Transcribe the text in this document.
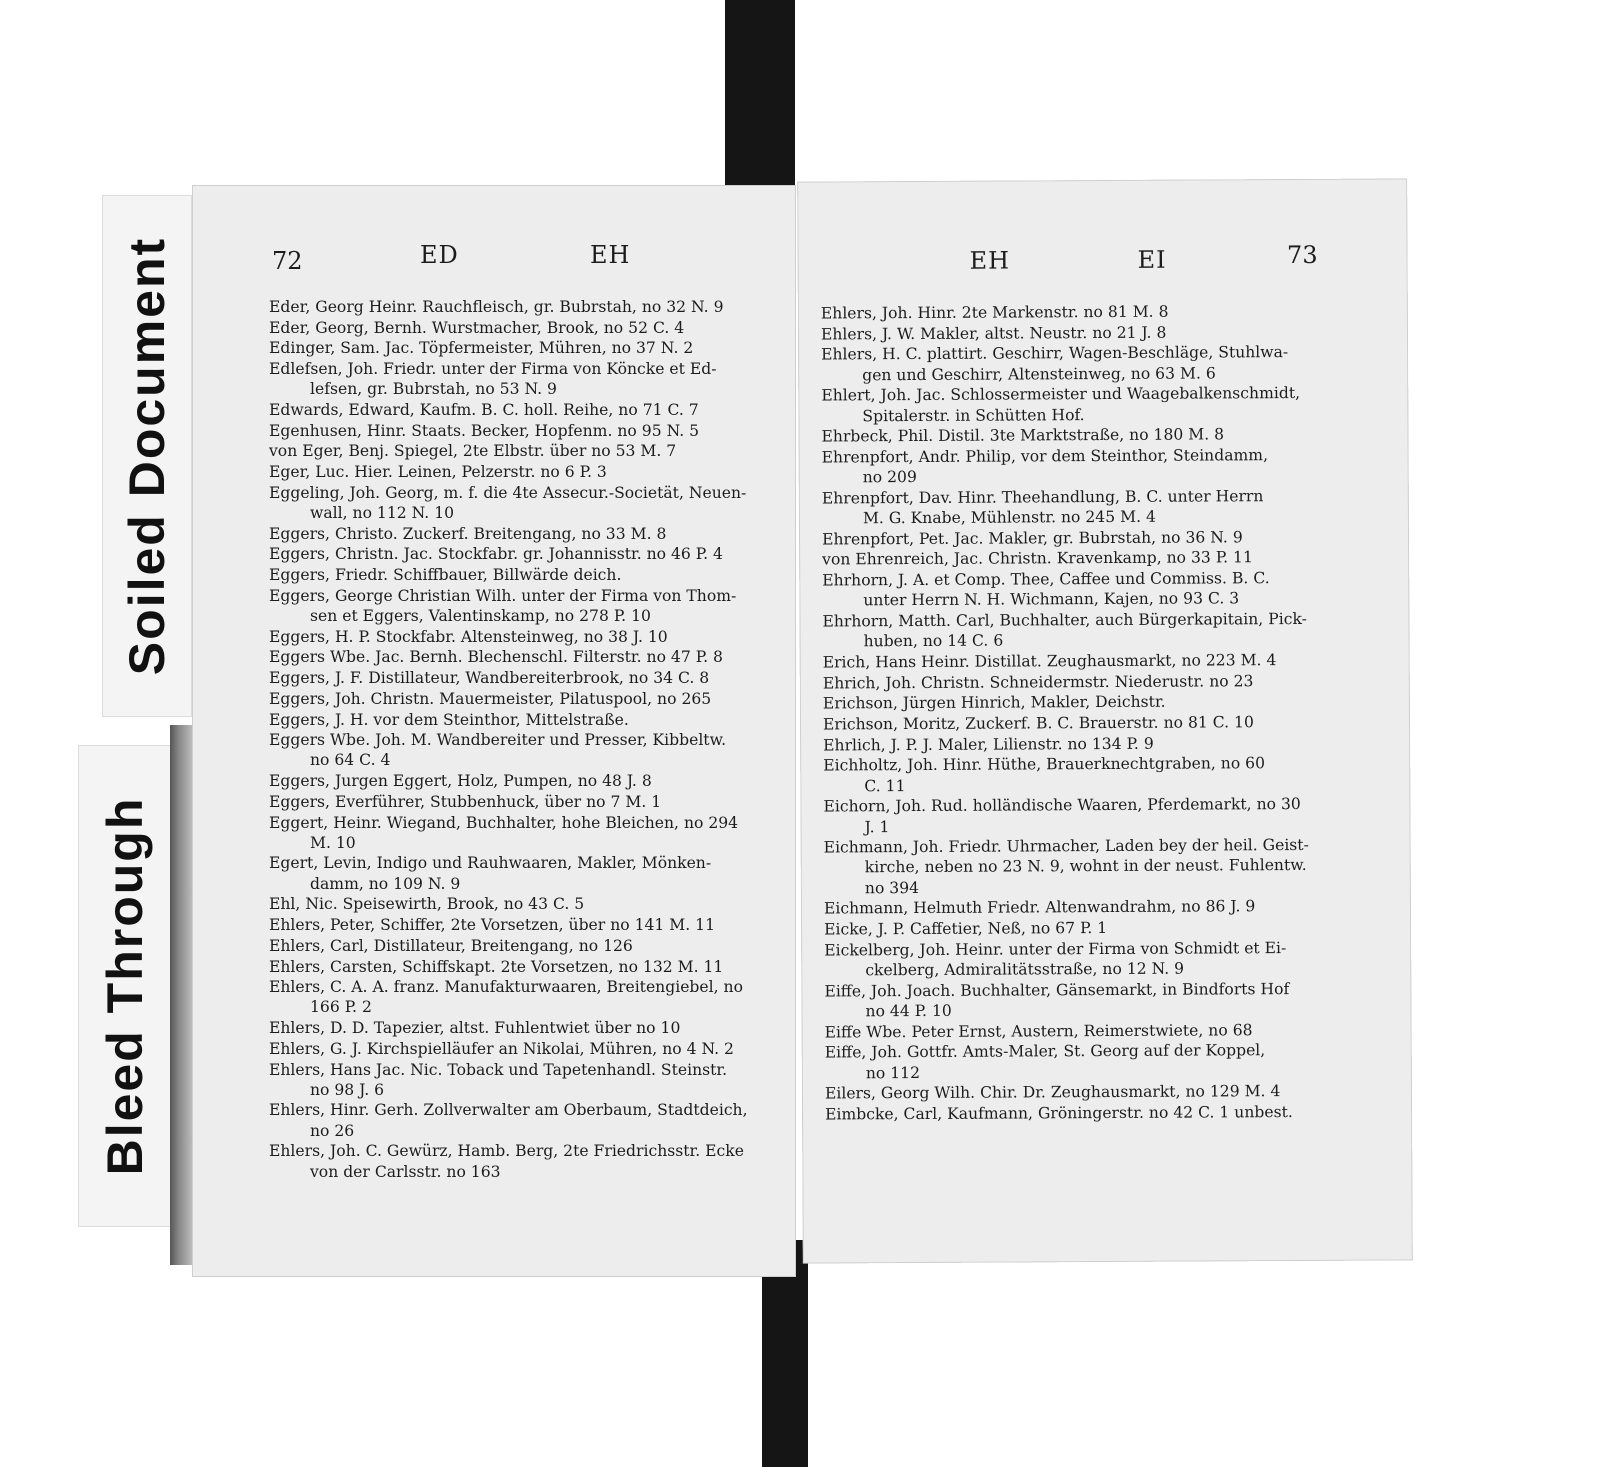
Soiled Document
Bleed Through
72	ED	EH
Eder, Georg Heinr. Rauchfleisch, gr. Bubrstah, no 32 N. 9
Eder, Georg, Bernh. Wurstmacher, Brook, no 52 C. 4
Edinger, Sam. Jac. Töpfermeister, Mühren, no 37 N. 2
Edlefsen, Joh. Friedr. unter der Firma von Köncke et Ed-
lefsen, gr. Bubrstah, no 53 N. 9
Edwards, Edward, Kaufm. B. C. holl. Reihe, no 71 C. 7
Egenhusen, Hinr. Staats. Becker, Hopfenm. no 95 N. 5
von Eger, Benj. Spiegel, 2te Elbstr. über no 53 M. 7
Eger, Luc. Hier. Leinen, Pelzerstr. no 6 P. 3
Eggeling, Joh. Georg, m. f. die 4te Assecur.-Societät, Neuen-
wall, no 112 N. 10
Eggers, Christo. Zuckerf. Breitengang, no 33 M. 8
Eggers, Christn. Jac. Stockfabr. gr. Johannisstr. no 46 P. 4
Eggers, Friedr. Schiffbauer, Billwärde deich.
Eggers, George Christian Wilh. unter der Firma von Thom-
sen et Eggers, Valentinskamp, no 278 P. 10
Eggers, H. P. Stockfabr. Altensteinweg, no 38 J. 10
Eggers Wbe. Jac. Bernh. Blechenschl. Filterstr. no 47 P. 8
Eggers, J. F. Distillateur, Wandbereiterbrook, no 34 C. 8
Eggers, Joh. Christn. Mauermeister, Pilatuspool, no 265
Eggers, J. H. vor dem Steinthor, Mittelstraße.
Eggers Wbe. Joh. M. Wandbereiter und Presser, Kibbeltw.
no 64 C. 4
Eggers, Jurgen Eggert, Holz, Pumpen, no 48 J. 8
Eggers, Everführer, Stubbenhuck, über no 7 M. 1
Eggert, Heinr. Wiegand, Buchhalter, hohe Bleichen, no 294
M. 10
Egert, Levin, Indigo und Rauhwaaren, Makler, Mönken-
damm, no 109 N. 9
Ehl, Nic. Speisewirth, Brook, no 43 C. 5
Ehlers, Peter, Schiffer, 2te Vorsetzen, über no 141 M. 11
Ehlers, Carl, Distillateur, Breitengang, no 126
Ehlers, Carsten, Schiffskapt. 2te Vorsetzen, no 132 M. 11
Ehlers, C. A. A. franz. Manufakturwaaren, Breitengiebel, no
166 P. 2
Ehlers, D. D. Tapezier, altst. Fuhlentwiet über no 10
Ehlers, G. J. Kirchspielläufer an Nikolai, Mühren, no 4 N. 2
Ehlers, Hans Jac. Nic. Toback und Tapetenhandl. Steinstr.
no 98 J. 6
Ehlers, Hinr. Gerh. Zollverwalter am Oberbaum, Stadtdeich,
no 26
Ehlers, Joh. C. Gewürz, Hamb. Berg, 2te Friedrichsstr. Ecke
von der Carlsstr. no 163
EH	EI	73
Ehlers, Joh. Hinr. 2te Markenstr. no 81 M. 8
Ehlers, J. W. Makler, altst. Neustr. no 21 J. 8
Ehlers, H. C. plattirt. Geschirr, Wagen-Beschläge, Stuhlwa-
gen und Geschirr, Altensteinweg, no 63 M. 6
Ehlert, Joh. Jac. Schlossermeister und Waagebalkenschmidt,
Spitalerstr. in Schütten Hof.
Ehrbeck, Phil. Distil. 3te Marktstraße, no 180 M. 8
Ehrenpfort, Andr. Philip, vor dem Steinthor, Steindamm,
no 209
Ehrenpfort, Dav. Hinr. Theehandlung, B. C. unter Herrn
M. G. Knabe, Mühlenstr. no 245 M. 4
Ehrenpfort, Pet. Jac. Makler, gr. Bubrstah, no 36 N. 9
von Ehrenreich, Jac. Christn. Kravenkamp, no 33 P. 11
Ehrhorn, J. A. et Comp. Thee, Caffee und Commiss. B. C.
unter Herrn N. H. Wichmann, Kajen, no 93 C. 3
Ehrhorn, Matth. Carl, Buchhalter, auch Bürgerkapitain, Pick-
huben, no 14 C. 6
Erich, Hans Heinr. Distillat. Zeughausmarkt, no 223 M. 4
Ehrich, Joh. Christn. Schneidermstr. Niederustr. no 23
Erichson, Jürgen Hinrich, Makler, Deichstr.
Erichson, Moritz, Zuckerf. B. C. Brauerstr. no 81 C. 10
Ehrlich, J. P. J. Maler, Lilienstr. no 134 P. 9
Eichholtz, Joh. Hinr. Hüthe, Brauerknechtgraben, no 60
C. 11
Eichorn, Joh. Rud. holländische Waaren, Pferdemarkt, no 30
J. 1
Eichmann, Joh. Friedr. Uhrmacher, Laden bey der heil. Geist-
kirche, neben no 23 N. 9, wohnt in der neust. Fuhlentw.
no 394
Eichmann, Helmuth Friedr. Altenwandrahm, no 86 J. 9
Eicke, J. P. Caffetier, Neß, no 67 P. 1
Eickelberg, Joh. Heinr. unter der Firma von Schmidt et Ei-
ckelberg, Admiralitätsstraße, no 12 N. 9
Eiffe, Joh. Joach. Buchhalter, Gänsemarkt, in Bindforts Hof
no 44 P. 10
Eiffe Wbe. Peter Ernst, Austern, Reimerstwiete, no 68
Eiffe, Joh. Gottfr. Amts-Maler, St. Georg auf der Koppel,
no 112
Eilers, Georg Wilh. Chir. Dr. Zeughausmarkt, no 129 M. 4
Eimbcke, Carl, Kaufmann, Gröningerstr. no 42 C. 1 unbest.
